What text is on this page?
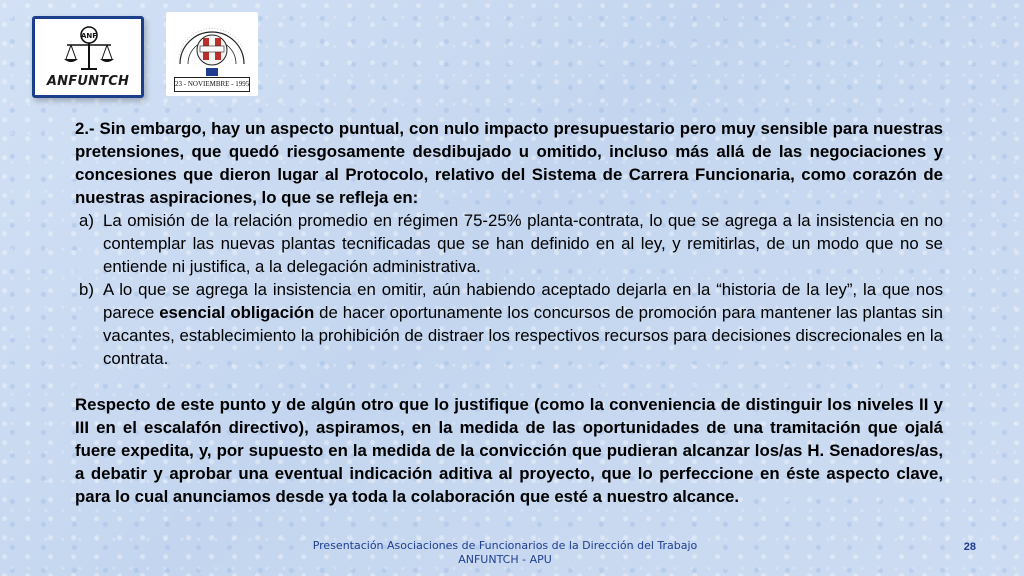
ANF
ANFUNTCH
· · · · · · · · · · · · · · · · · · · · · · · · · · · · · · ·
23 - NOVIEMBRE - 1995

2.- Sin embargo, hay un aspecto puntual, con nulo impacto presupuestario pero muy sensible para nuestras pretensiones, que quedó riesgosamente desdibujado u omitido, incluso más allá de las negociaciones y concesiones que dieron lugar al Protocolo, relativo del Sistema de Carrera Funcionaria, como corazón de nuestras aspiraciones, lo que se refleja en:

a) La omisión de la relación promedio en régimen 75-25% planta-contrata, lo que se agrega a la insistencia en no contemplar las nuevas plantas tecnificadas que se han definido en al ley, y remitirlas, de un modo que no se entiende ni justifica, a la delegación administrativa.
b) A lo que se agrega la insistencia en omitir, aún habiendo aceptado dejarla en la “historia de la ley”, la que nos parece esencial obligación de hacer oportunamente los concursos de promoción para mantener las plantas sin vacantes, establecimiento la prohibición de distraer los respectivos recursos para decisiones discrecionales en la contrata.

Respecto de este punto y de algún otro que lo justifique (como la conveniencia de distinguir los niveles II y III en el escalafón directivo), aspiramos, en la medida de las oportunidades de una tramitación que ojalá fuere expedita, y, por supuesto en la medida de la convicción que pudieran alcanzar los/as H. Senadores/as, a debatir y aprobar una eventual indicación aditiva al proyecto, que lo perfeccione en éste aspecto clave, para lo cual anunciamos desde ya toda la colaboración que esté a nuestro alcance.

Presentación Asociaciones de Funcionarios de la Dirección del Trabajo
ANFUNTCH - APU
28
